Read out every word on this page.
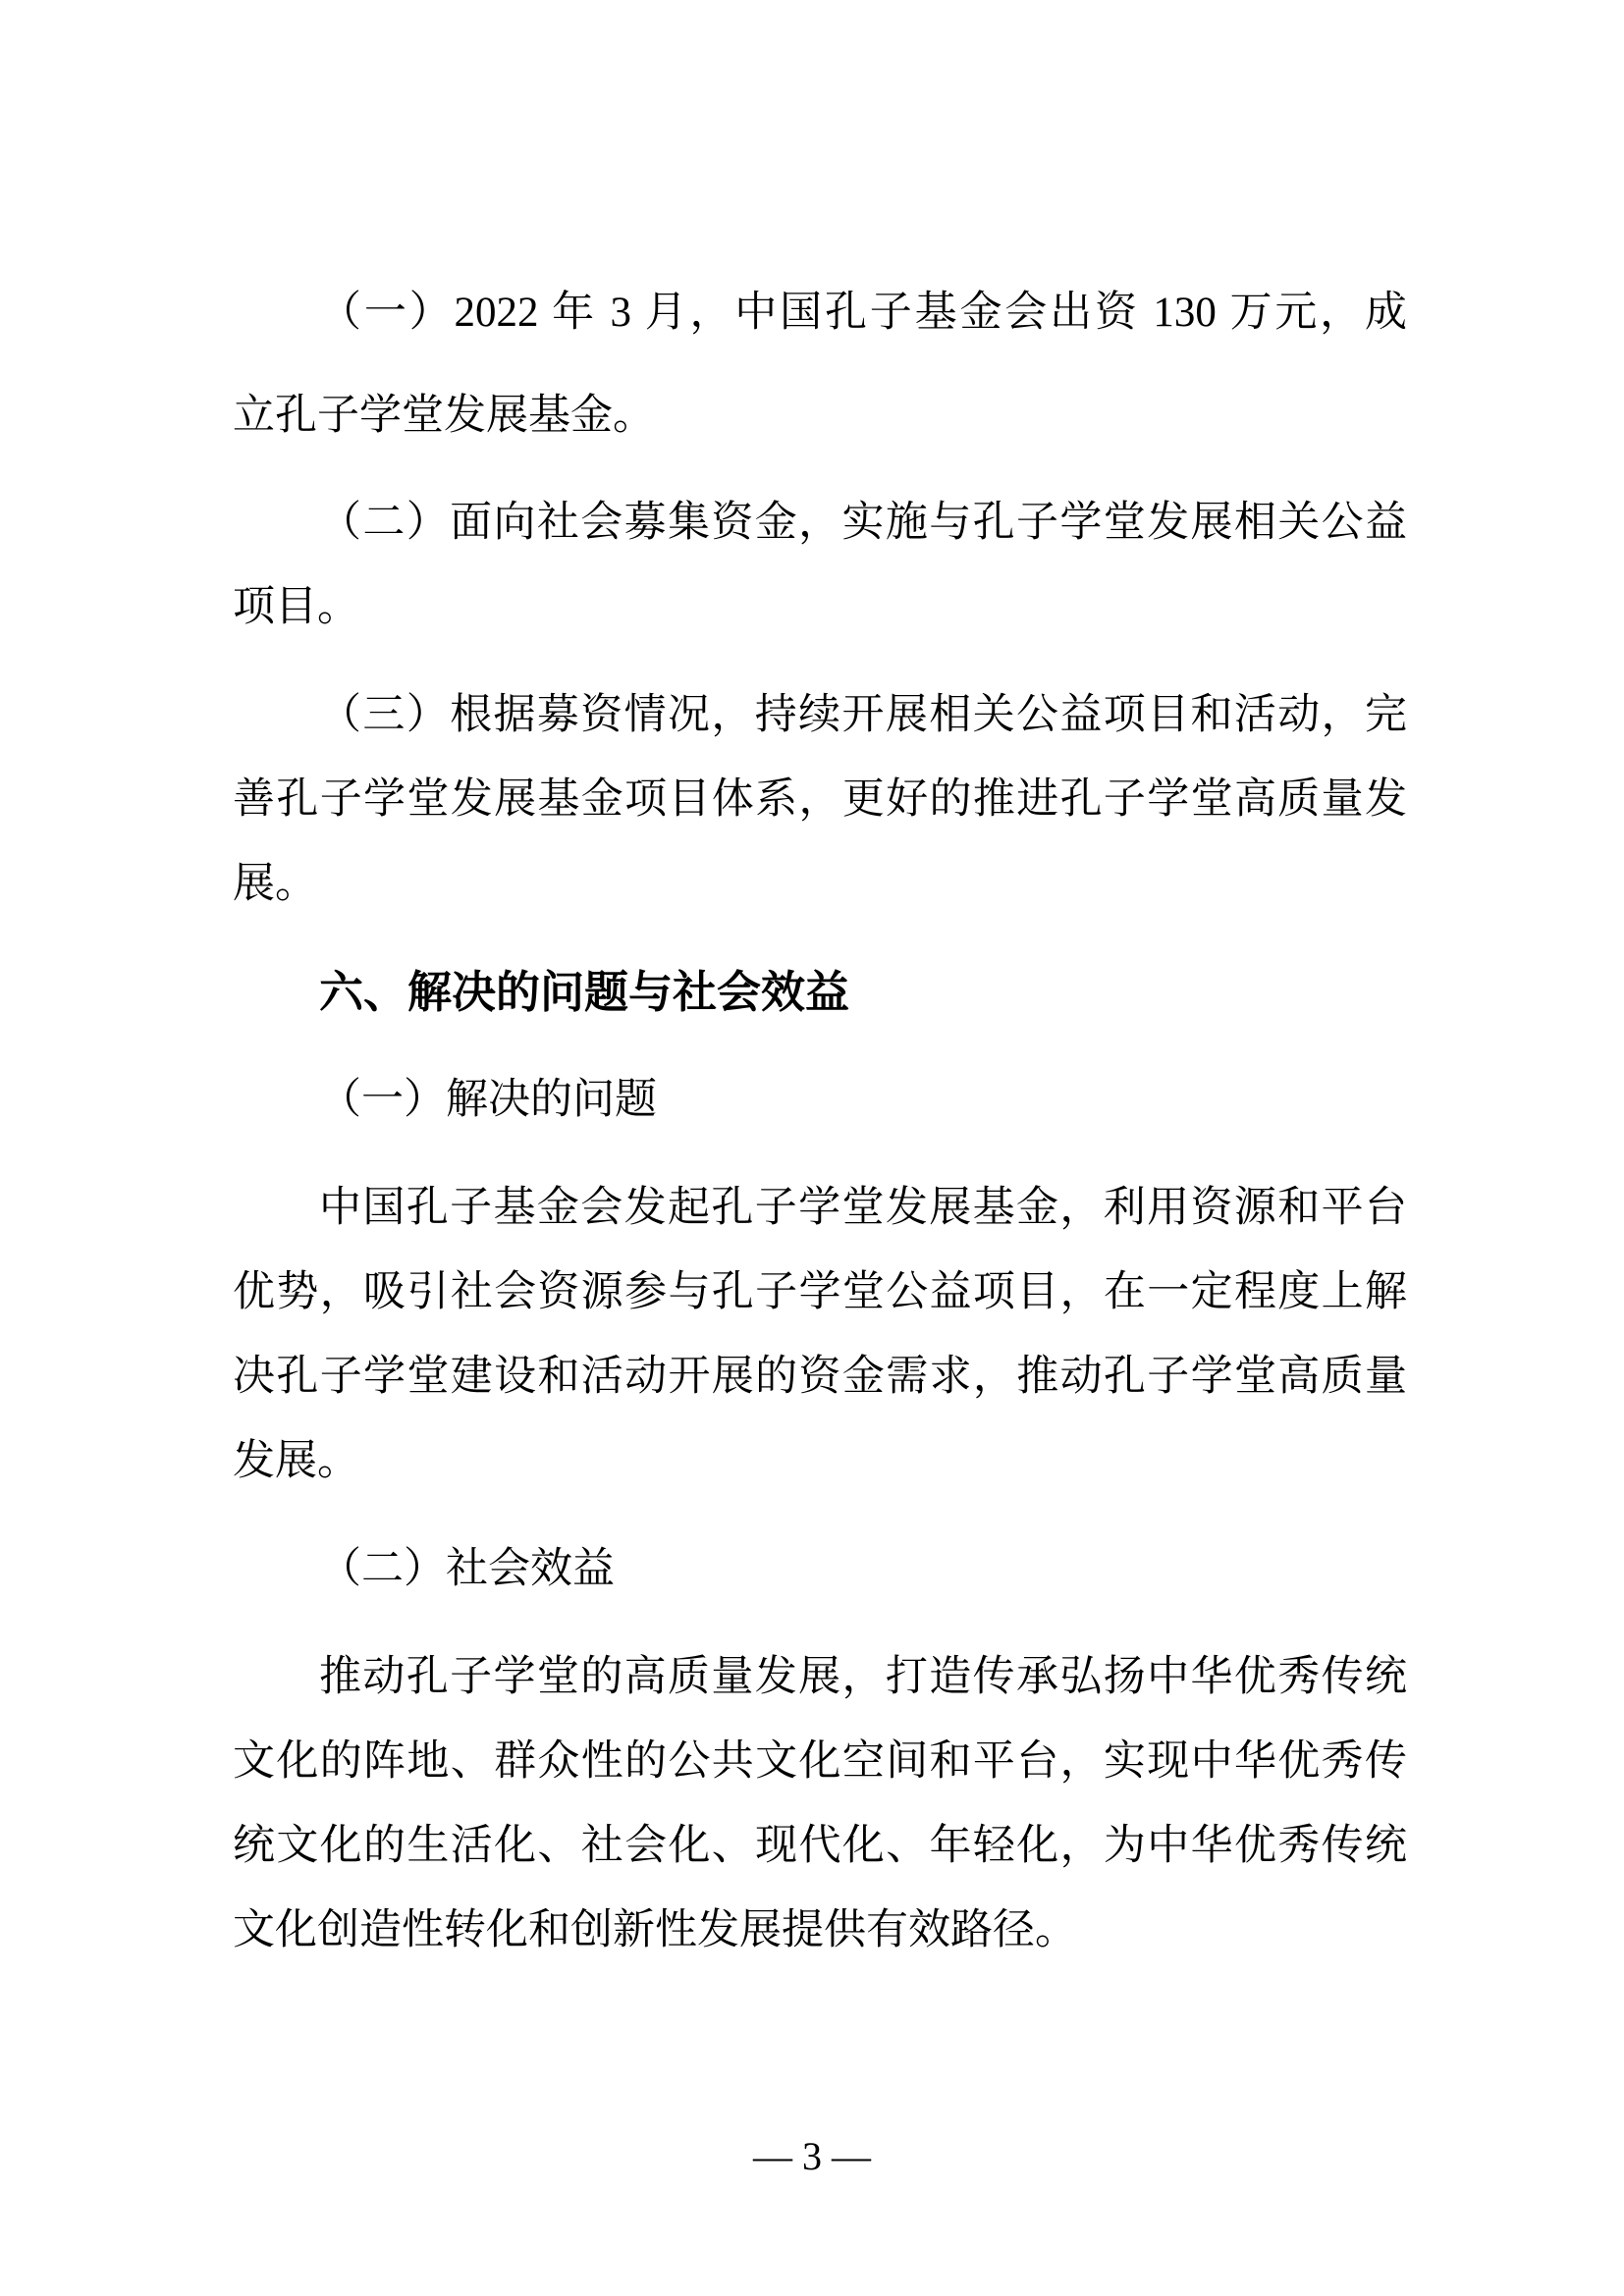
（一）2022 年 3 月，中国孔子基金会出资 130 万元，成
立孔子学堂发展基金。
（二）面向社会募集资金，实施与孔子学堂发展相关公益
项目。
（三）根据募资情况，持续开展相关公益项目和活动，完
善孔子学堂发展基金项目体系，更好的推进孔子学堂高质量发
展。
六、解决的问题与社会效益
（一）解决的问题
中国孔子基金会发起孔子学堂发展基金，利用资源和平台
优势，吸引社会资源参与孔子学堂公益项目，在一定程度上解
决孔子学堂建设和活动开展的资金需求，推动孔子学堂高质量
发展。
（二）社会效益
推动孔子学堂的高质量发展，打造传承弘扬中华优秀传统
文化的阵地、群众性的公共文化空间和平台，实现中华优秀传
统文化的生活化、社会化、现代化、年轻化，为中华优秀传统
文化创造性转化和创新性发展提供有效路径。
— 3 —
